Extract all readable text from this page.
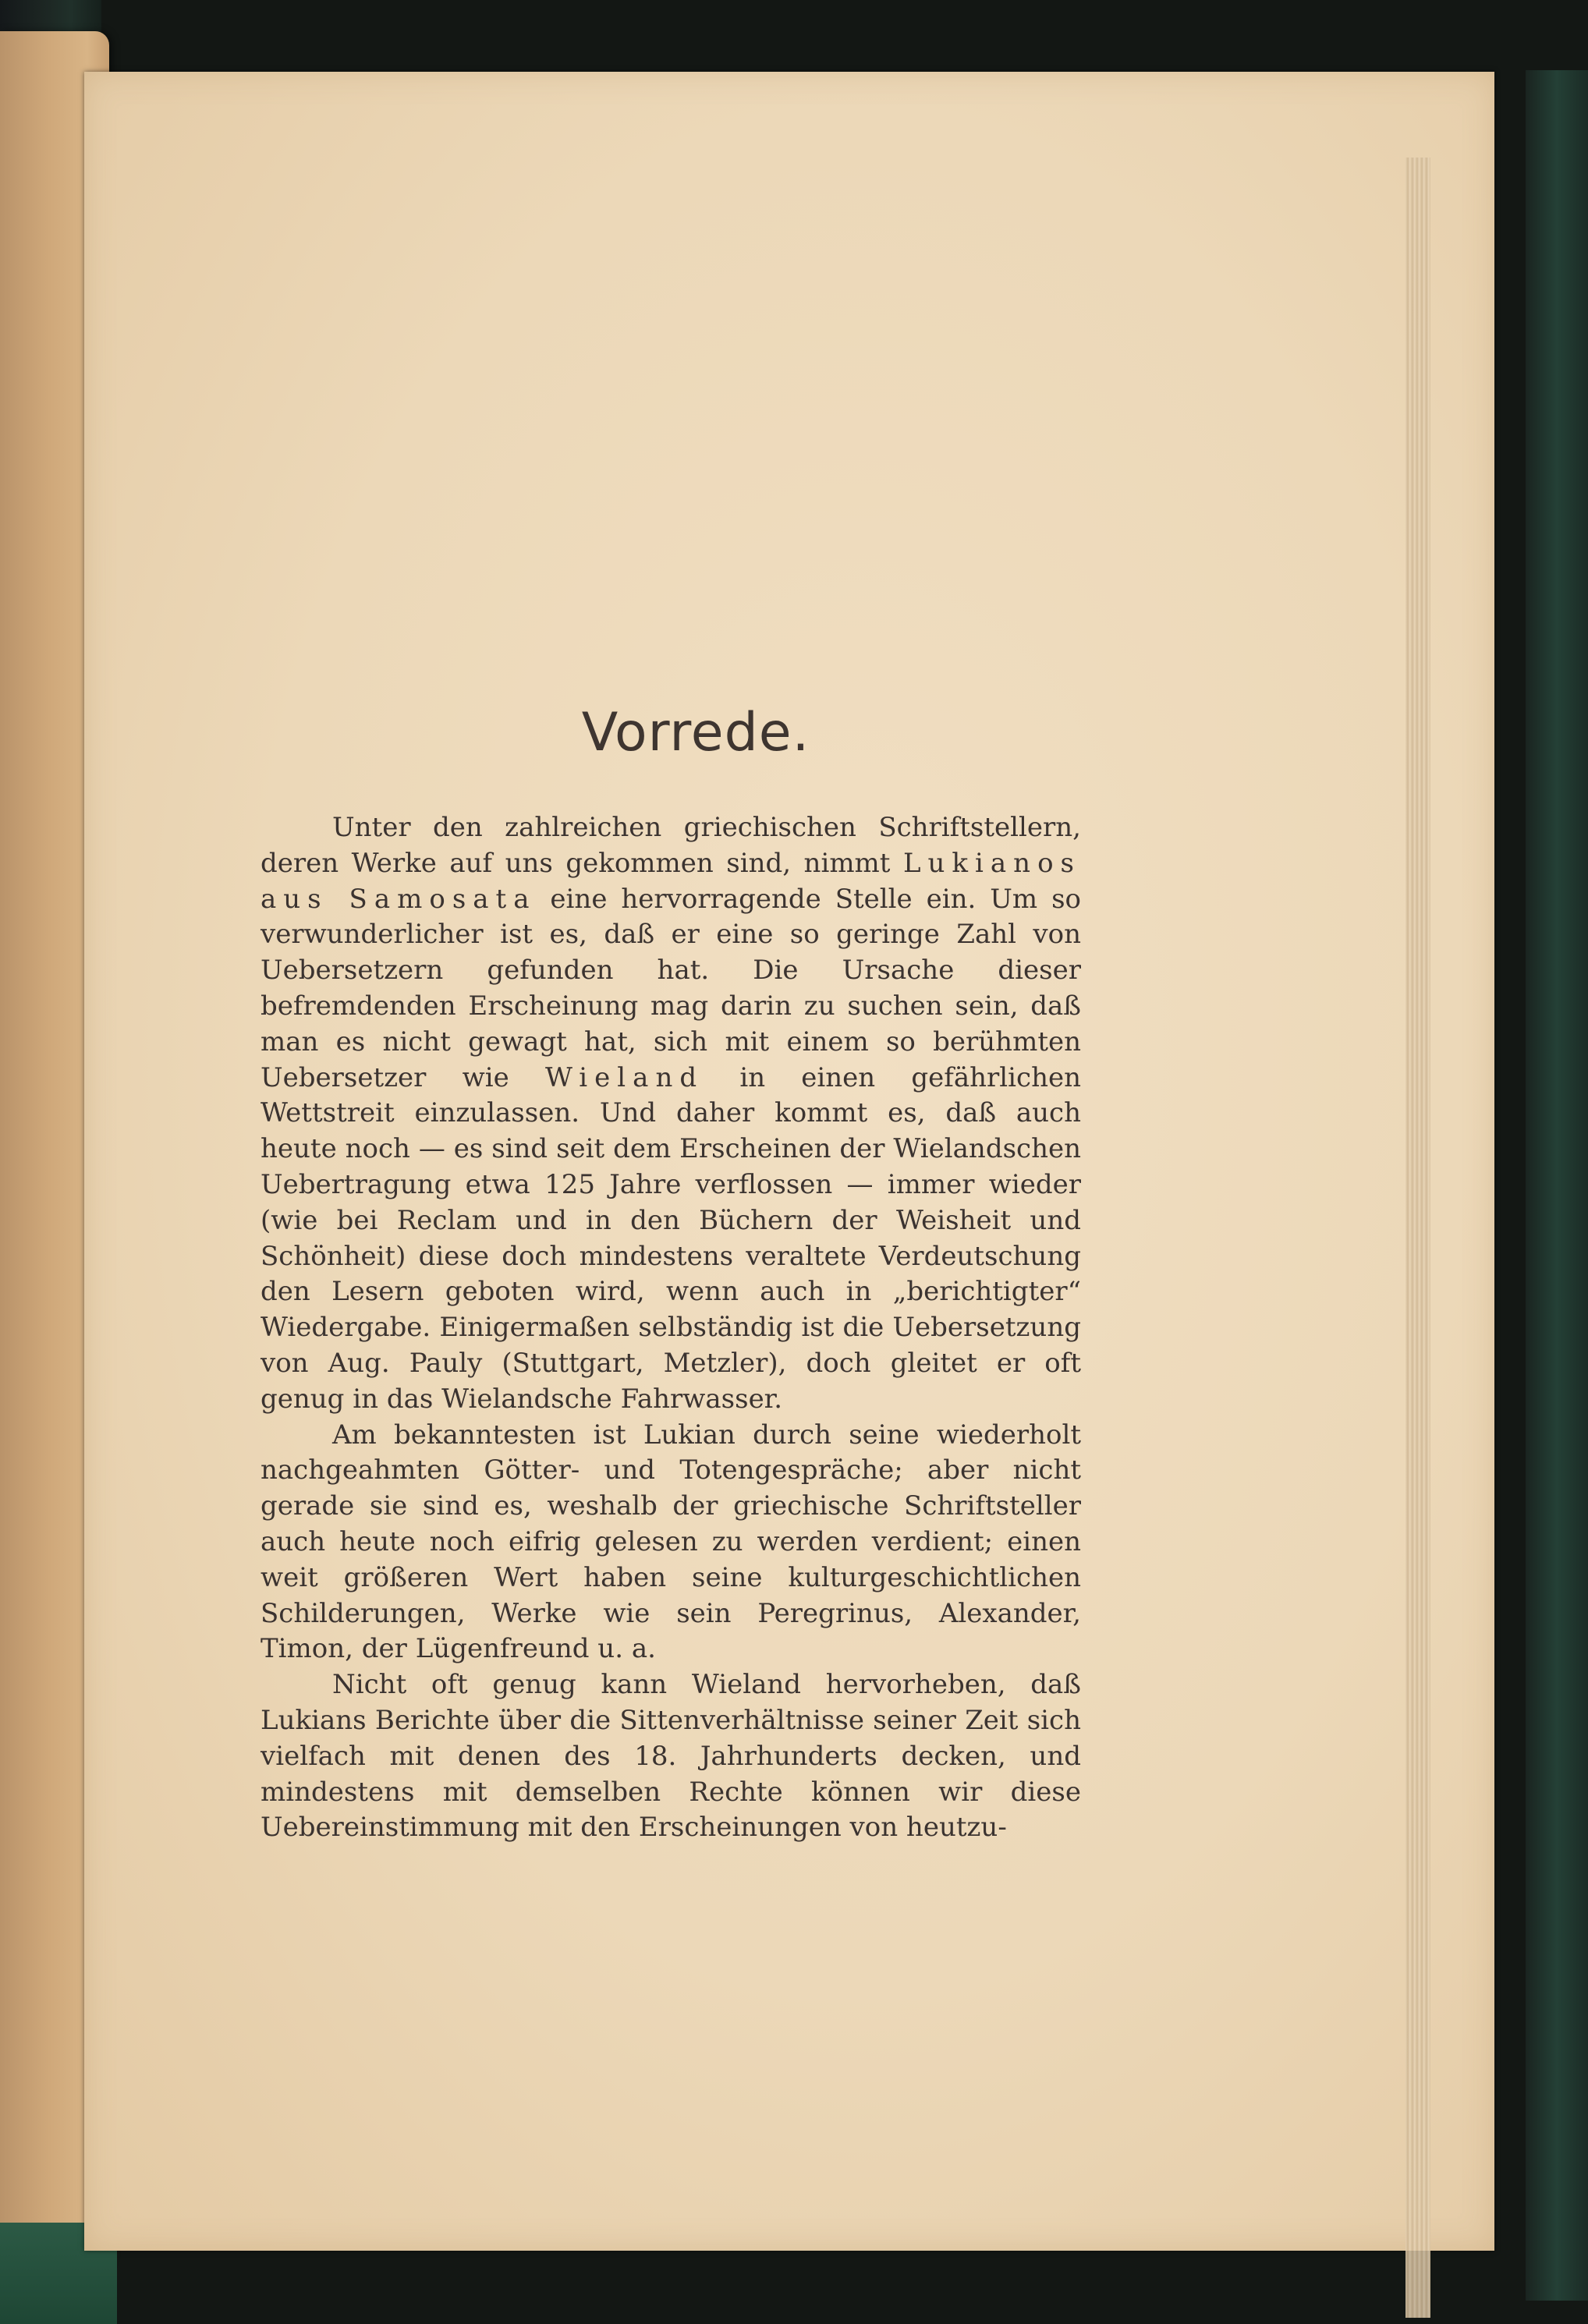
Vorrede.

Unter den zahlreichen griechischen Schriftstellern, deren Werke auf uns gekommen sind, nimmt Lukianos aus Samosata eine hervorragende Stelle ein. Um so verwunderlicher ist es, daß er eine so geringe Zahl von Uebersetzern gefunden hat. Die Ursache dieser befremdenden Erscheinung mag darin zu suchen sein, daß man es nicht gewagt hat, sich mit einem so berühmten Uebersetzer wie Wieland in einen gefährlichen Wettstreit einzulassen. Und daher kommt es, daß auch heute noch — es sind seit dem Erscheinen der Wielandschen Uebertragung etwa 125 Jahre verflossen — immer wieder (wie bei Reclam und in den Büchern der Weisheit und Schönheit) diese doch mindestens veraltete Verdeutschung den Lesern geboten wird, wenn auch in „berichtigter“ Wiedergabe. Einigermaßen selbständig ist die Uebersetzung von Aug. Pauly (Stuttgart, Metzler), doch gleitet er oft genug in das Wielandsche Fahrwasser.

Am bekanntesten ist Lukian durch seine wiederholt nachgeahmten Götter- und Totengespräche; aber nicht gerade sie sind es, weshalb der griechische Schriftsteller auch heute noch eifrig gelesen zu werden verdient; einen weit größeren Wert haben seine kulturgeschichtlichen Schilderungen, Werke wie sein Peregrinus, Alexander, Timon, der Lügenfreund u. a.

Nicht oft genug kann Wieland hervorheben, daß Lukians Berichte über die Sittenverhältnisse seiner Zeit sich vielfach mit denen des 18. Jahrhunderts decken, und mindestens mit demselben Rechte können wir diese Uebereinstimmung mit den Erscheinungen von heutzu-
